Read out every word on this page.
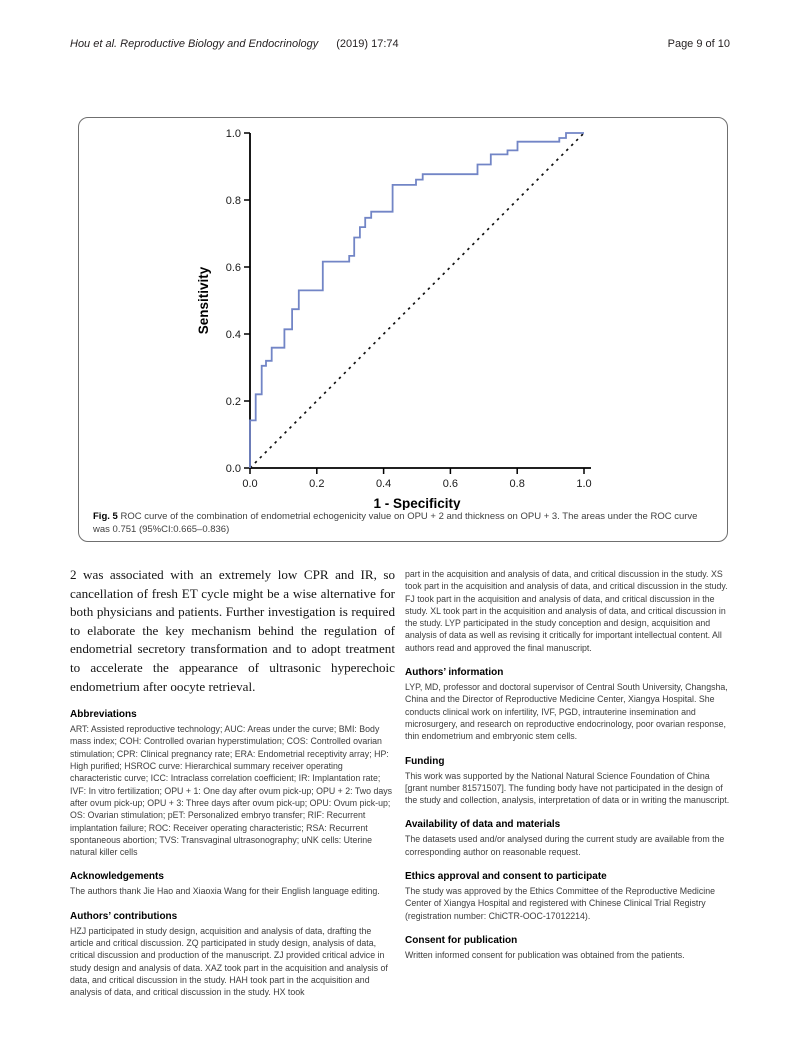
Hou et al. Reproductive Biology and Endocrinology (2019) 17:74	Page 9 of 10
0.0	0.2	0.4	0.6	0.8	1.0
0.0
0.2
0.4
0.6
0.8
1.0
1 - Specificity
Sensitivity
Fig. 5 ROC curve of the combination of endometrial echogenicity value on OPU + 2 and thickness on OPU + 3. The areas under the ROC curve was 0.751 (95%CI:0.665–0.836)

2 was associated with an extremely low CPR and IR, so cancellation of fresh ET cycle might be a wise alternative for both physicians and patients. Further investigation is required to elaborate the key mechanism behind the regulation of endometrial secretory transformation and to adopt treatment to accelerate the appearance of ultrasonic hyperechoic endometrium after oocyte retrieval.

Abbreviations
ART: Assisted reproductive technology; AUC: Areas under the curve; BMI: Body mass index; COH: Controlled ovarian hyperstimulation; COS: Controlled ovarian stimulation; CPR: Clinical pregnancy rate; ERA: Endometrial receptivity array; HP: High purified; HSROC curve: Hierarchical summary receiver operating characteristic curve; ICC: Intraclass correlation coefficient; IR: Implantation rate; IVF: In vitro fertilization; OPU + 1: One day after ovum pick-up; OPU + 2: Two days after ovum pick-up; OPU + 3: Three days after ovum pick-up; OPU: Ovum pick-up; OS: Ovarian stimulation; pET: Personalized embryo transfer; RIF: Recurrent implantation failure; ROC: Receiver operating characteristic; RSA: Recurrent spontaneous abortion; TVS: Transvaginal ultrasonography; uNK cells: Uterine natural killer cells
Acknowledgements
The authors thank Jie Hao and Xiaoxia Wang for their English language editing.
Authors’ contributions
HZJ participated in study design, acquisition and analysis of data, drafting the article and critical discussion. ZQ participated in study design, analysis of data, critical discussion and production of the manuscript. ZJ provided critical advice in study design and analysis of data. XAZ took part in the acquisition and analysis of data, and critical discussion in the study. HAH took part in the acquisition and analysis of data, and critical discussion in the study. HX took
part in the acquisition and analysis of data, and critical discussion in the study. XS took part in the acquisition and analysis of data, and critical discussion in the study. FJ took part in the acquisition and analysis of data, and critical discussion in the study. XL took part in the acquisition and analysis of data, and critical discussion in the study. LYP participated in the study conception and design, acquisition and analysis of data as well as revising it critically for important intellectual content. All authors read and approved the final manuscript.
Authors’ information
LYP, MD, professor and doctoral supervisor of Central South University, Changsha, China and the Director of Reproductive Medicine Center, Xiangya Hospital. She conducts clinical work on infertility, IVF, PGD, intrauterine insemination and microsurgery, and research on reproductive endocrinology, poor ovarian response, thin endometrium and embryonic stem cells.
Funding
This work was supported by the National Natural Science Foundation of China [grant number 81571507]. The funding body have not participated in the design of the study and collection, analysis, interpretation of data or in writing the manuscript.
Availability of data and materials
The datasets used and/or analysed during the current study are available from the corresponding author on reasonable request.
Ethics approval and consent to participate
The study was approved by the Ethics Committee of the Reproductive Medicine Center of Xiangya Hospital and registered with Chinese Clinical Trial Registry (registration number: ChiCTR-OOC-17012214).
Consent for publication
Written informed consent for publication was obtained from the patients.
